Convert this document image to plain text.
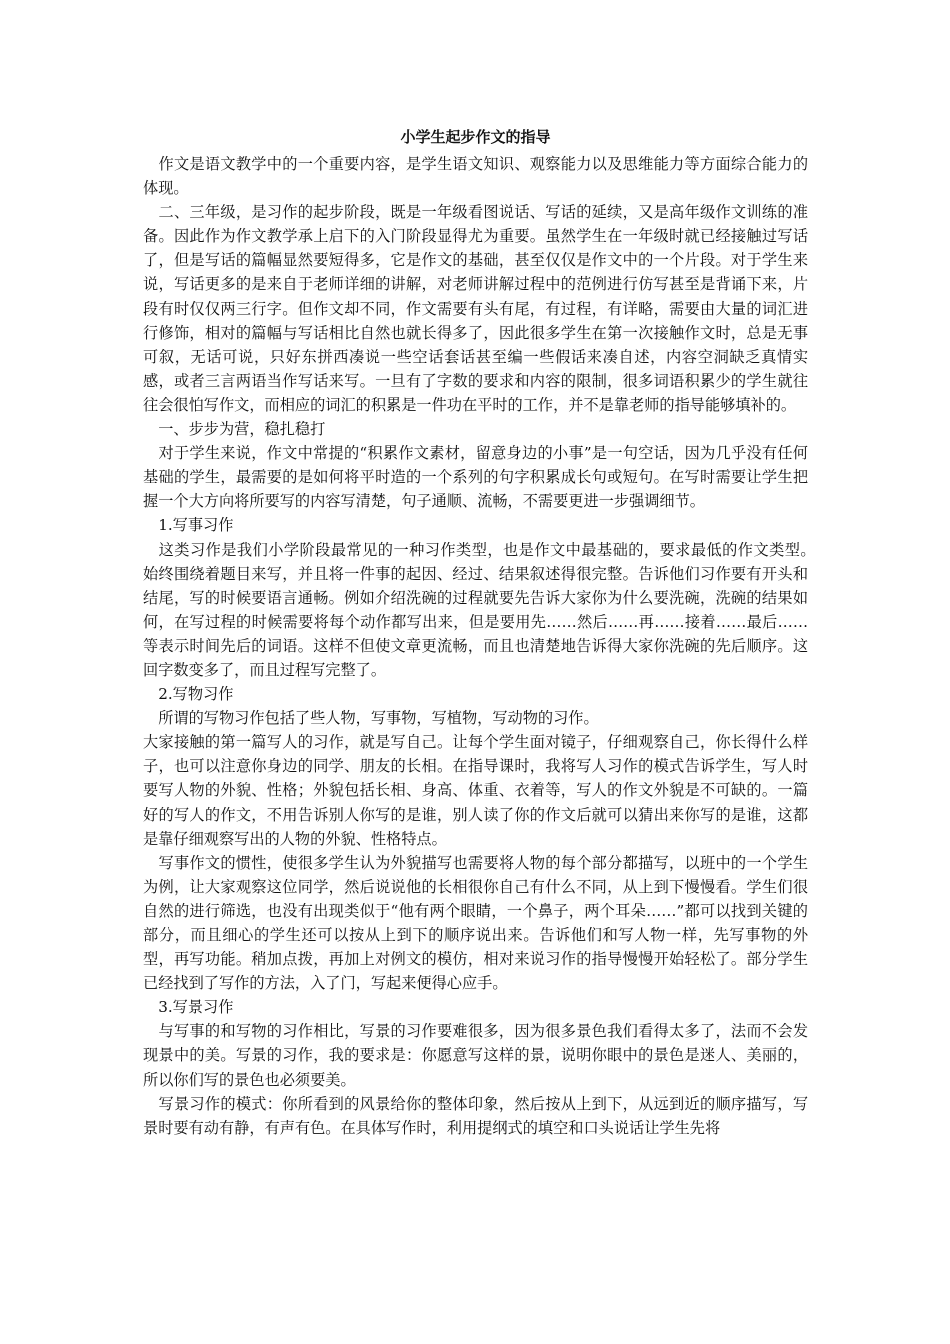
小学生起步作文的指导

　作文是语文教学中的一个重要内容，是学生语文知识、观察能力以及思维能力等方面综合能力的体现。

　二、三年级，是习作的起步阶段，既是一年级看图说话、写话的延续，又是高年级作文训练的准备。因此作为作文教学承上启下的入门阶段显得尤为重要。虽然学生在一年级时就已经接触过写话了，但是写话的篇幅显然要短得多，它是作文的基础，甚至仅仅是作文中的一个片段。对于学生来说，写话更多的是来自于老师详细的讲解，对老师讲解过程中的范例进行仿写甚至是背诵下来，片段有时仅仅两三行字。但作文却不同，作文需要有头有尾，有过程，有详略，需要由大量的词汇进行修饰，相对的篇幅与写话相比自然也就长得多了，因此很多学生在第一次接触作文时，总是无事可叙，无话可说，只好东拼西凑说一些空话套话甚至编一些假话来凑自述，内容空洞缺乏真情实感，或者三言两语当作写话来写。一旦有了字数的要求和内容的限制，很多词语积累少的学生就往往会很怕写作文，而相应的词汇的积累是一件功在平时的工作，并不是靠老师的指导能够填补的。

　一、步步为营，稳扎稳打

　对于学生来说，作文中常提的“积累作文素材，留意身边的小事”是一句空话，因为几乎没有任何基础的学生，最需要的是如何将平时造的一个系列的句字积累成长句或短句。在写时需要让学生把握一个大方向将所要写的内容写清楚，句子通顺、流畅，不需要更进一步强调细节。

　1.写事习作

　这类习作是我们小学阶段最常见的一种习作类型，也是作文中最基础的，要求最低的作文类型。　始终围绕着题目来写，并且将一件事的起因、经过、结果叙述得很完整。告诉他们习作要有开头和结尾，写的时候要语言通畅。例如介绍洗碗的过程就要先告诉大家你为什么要洗碗，洗碗的结果如何，在写过程的时候需要将每个动作都写出来，但是要用先……然后……再……接着……最后……等表示时间先后的词语。这样不但使文章更流畅，而且也清楚地告诉得大家你洗碗的先后顺序。这回字数变多了，而且过程写完整了。

　2.写物习作

　所谓的写物习作包括了些人物，写事物，写植物，写动物的习作。

大家接触的第一篇写人的习作，就是写自己。让每个学生面对镜子，仔细观察自己，你长得什么样子，也可以注意你身边的同学、朋友的长相。在指导课时，我将写人习作的模式告诉学生，写人时要写人物的外貌、性格；外貌包括长相、身高、体重、衣着等，写人的作文外貌是不可缺的。一篇好的写人的作文，不用告诉别人你写的是谁，别人读了你的作文后就可以猜出来你写的是谁，这都是靠仔细观察写出的人物的外貌、性格特点。

　写事作文的惯性，使很多学生认为外貌描写也需要将人物的每个部分都描写，以班中的一个学生为例，让大家观察这位同学，然后说说他的长相很你自己有什么不同，从上到下慢慢看。学生们很自然的进行筛选，也没有出现类似于“他有两个眼睛，一个鼻子，两个耳朵……”都可以找到关键的部分，而且细心的学生还可以按从上到下的顺序说出来。告诉他们和写人物一样，先写事物的外型，再写功能。稍加点拨，再加上对例文的模仿，相对来说习作的指导慢慢开始轻松了。部分学生已经找到了写作的方法，入了门，写起来便得心应手。

　3.写景习作

　与写事的和写物的习作相比，写景的习作要难很多，因为很多景色我们看得太多了，法而不会发现景中的美。写景的习作，我的要求是：你愿意写这样的景，说明你眼中的景色是迷人、美丽的，所以你们写的景色也必须要美。

　写景习作的模式：你所看到的风景给你的整体印象，然后按从上到下，从远到近的顺序描写，写景时要有动有静，有声有色。在具体写作时，利用提纲式的填空和口头说话让学生先将
